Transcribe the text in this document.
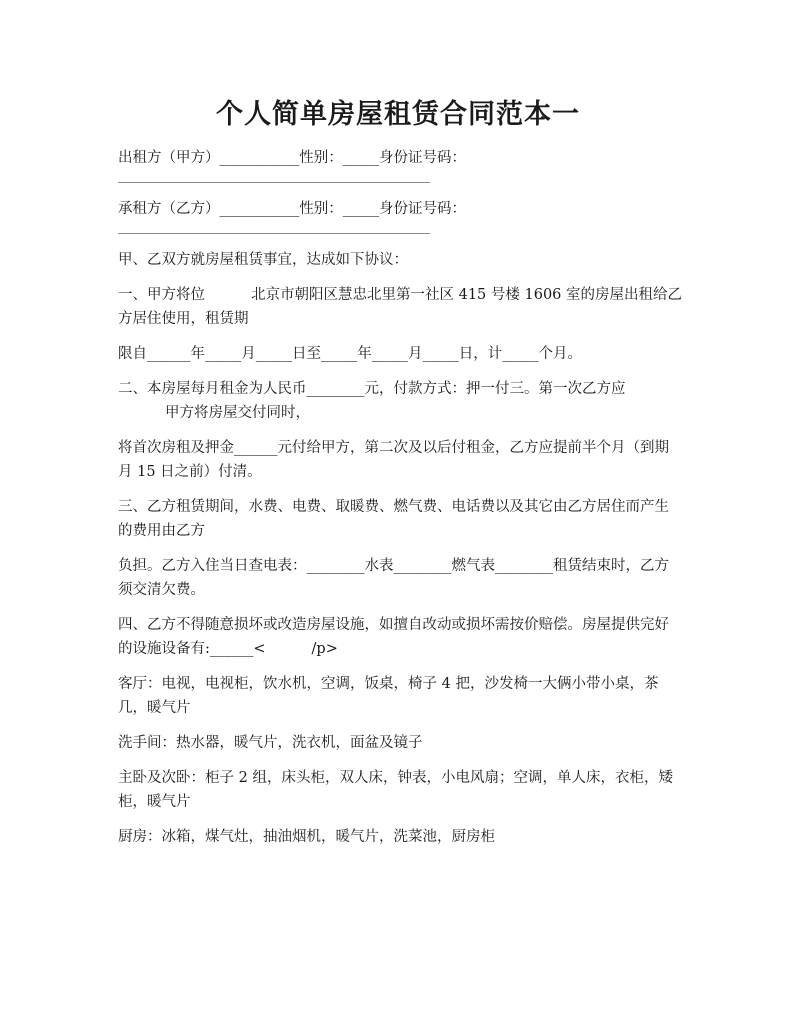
个人简单房屋租赁合同范本一
出租方（甲方）___________性别：_____身份证号码：
承租方（乙方）___________性别：_____身份证号码：

甲、乙双方就房屋租赁事宜，达成如下协议：

一、甲方将位	北京市朝阳区慧忠北里第一社区 415 号楼 1606 室的房屋出租给乙方居住使用，租赁期

限自______年_____月_____日至_____年_____月_____日，计_____个月。

二、本房屋每月租金为人民币________元，付款方式：押一付三。第一次乙方应
甲方将房屋交付同时，

将首次房租及押金______元付给甲方，第二次及以后付租金，乙方应提前半个月（到期月 15 日之前）付清。

三、乙方租赁期间，水费、电费、取暖费、燃气费、电话费以及其它由乙方居住而产生的费用由乙方

负担。乙方入住当日查电表：________水表________燃气表________租赁结束时，乙方须交清欠费。

四、乙方不得随意损坏或改造房屋设施，如擅自改动或损坏需按价赔偿。房屋提供完好的设施设备有:______<	/p>

客厅：电视，电视柜，饮水机，空调，饭桌，椅子 4 把，沙发椅一大俩小带小桌，茶几，暖气片

洗手间：热水器，暖气片，洗衣机，面盆及镜子

主卧及次卧：柜子 2 组，床头柜，双人床，钟表，小电风扇；空调，单人床，衣柜，矮柜，暖气片

厨房：冰箱，煤气灶，抽油烟机，暖气片，洗菜池，厨房柜
